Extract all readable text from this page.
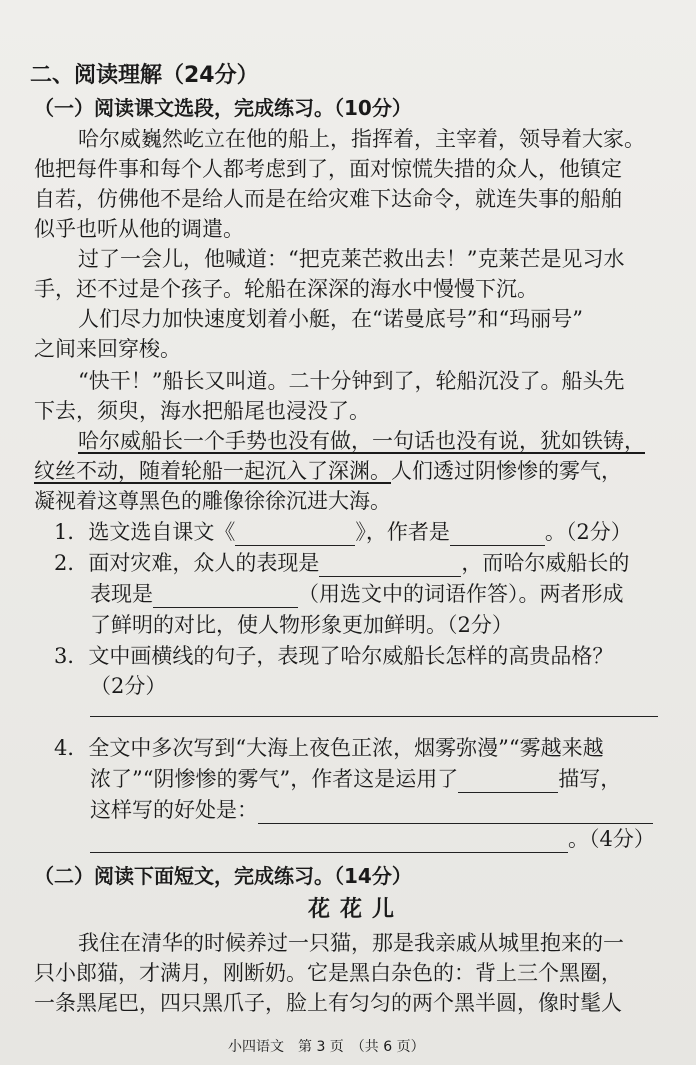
二、阅读理解（24分）
（一）阅读课文选段，完成练习。（10分）
哈尔威巍然屹立在他的船上，指挥着，主宰着，领导着大家。
他把每件事和每个人都考虑到了，面对惊慌失措的众人，他镇定
自若，仿佛他不是给人而是在给灾难下达命令，就连失事的船舶
似乎也听从他的调遣。
过了一会儿，他喊道：“把克莱芒救出去！”克莱芒是见习水
手，还不过是个孩子。轮船在深深的海水中慢慢下沉。
人们尽力加快速度划着小艇，在“诺曼底号”和“玛丽号”
之间来回穿梭。
“快干！”船长又叫道。二十分钟到了，轮船沉没了。船头先
下去，须臾，海水把船尾也浸没了。
哈尔威船长一个手势也没有做，一句话也没有说，犹如铁铸，
纹丝不动，随着轮船一起沉入了深渊。人们透过阴惨惨的雾气，
凝视着这尊黑色的雕像徐徐沉进大海。
1．选文选自课文《	》，作者是	。（2分）
2．面对灾难，众人的表现是	，而哈尔威船长的
表现是	（用选文中的词语作答）。两者形成
了鲜明的对比，使人物形象更加鲜明。（2分）
3．文中画横线的句子，表现了哈尔威船长怎样的高贵品格？
（2分）
4．全文中多次写到“大海上夜色正浓，烟雾弥漫”“雾越来越
浓了”“阴惨惨的雾气”，作者这是运用了	描写，
这样写的好处是：
。（4分）
（二）阅读下面短文，完成练习。（14分）
花花儿
我住在清华的时候养过一只猫，那是我亲戚从城里抱来的一
只小郎猫，才满月，刚断奶。它是黑白杂色的：背上三个黑圈，
一条黑尾巴，四只黑爪子，脸上有匀匀的两个黑半圆，像时髦人
小四语文　第 3 页　（共 6 页）
